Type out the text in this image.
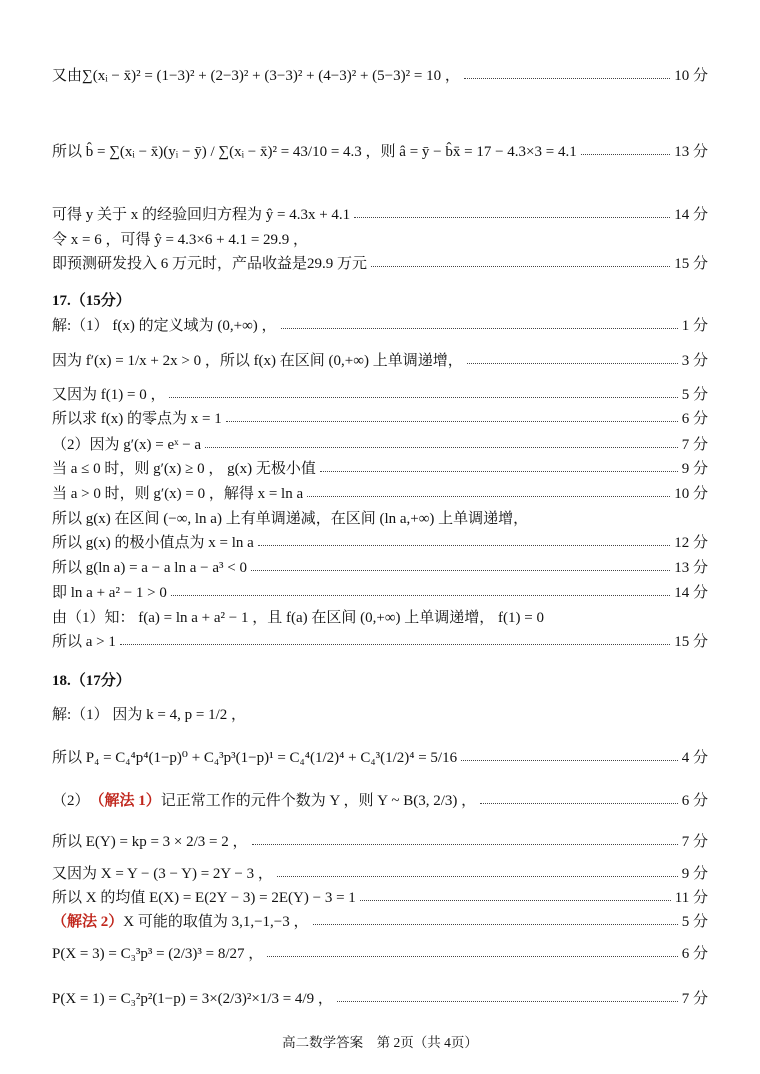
又由∑(xᵢ − x̄)² = (1−3)² + (2−3)² + (3−3)² + (4−3)² + (5−3)² = 10 ，	10 分
所以 b̂ = ∑(xᵢ − x̄)(yᵢ − ȳ) / ∑(xᵢ − x̄)² = 43/10 = 4.3 ，则 â = ȳ − b̂x̄ = 17 − 4.3×3 = 4.1	13 分
可得 y 关于 x 的经验回归方程为 ŷ = 4.3x + 4.1	14 分
令 x = 6 ，可得 ŷ = 4.3×6 + 4.1 = 29.9 ，
即预测研发投入 6 万元时，产品收益是29.9 万元	15 分
17.（15分）
解:（1） f(x) 的定义域为 (0,+∞) ，	1 分
因为 f′(x) = 1/x + 2x > 0 ，所以 f(x) 在区间 (0,+∞) 上单调递增，	3 分
又因为 f(1) = 0 ，	5 分
所以求 f(x) 的零点为 x = 1	6 分
（2）因为 g′(x) = eˣ − a	7 分
当 a ≤ 0 时，则 g′(x) ≥ 0 ， g(x) 无极小值	9 分
当 a > 0 时，则 g′(x) = 0 ，解得 x = ln a	10 分
所以 g(x) 在区间 (−∞, ln a) 上有单调递减，在区间 (ln a,+∞) 上单调递增，
所以 g(x) 的极小值点为 x = ln a	12 分
所以 g(ln a) = a − a ln a − a³ < 0	13 分
即 ln a + a² − 1 > 0	14 分
由（1）知： f(a) = ln a + a² − 1 ，且 f(a) 在区间 (0,+∞) 上单调递增， f(1) = 0
所以 a > 1	15 分
18.（17分）
解:（1） 因为 k = 4, p = 1/2 ，
所以 P₄ = C₄⁴p⁴(1−p)⁰ + C₄³p³(1−p)¹ = C₄⁴(1/2)⁴ + C₄³(1/2)⁴ = 5/16	4 分
（2） （解法 1） 记正常工作的元件个数为 Y ，则 Y ~ B(3, 2/3) ，	6 分
所以 E(Y) = kp = 3 × 2/3 = 2 ，	7 分
又因为 X = Y − (3 − Y) = 2Y − 3 ，	9 分
所以 X 的均值 E(X) = E(2Y − 3) = 2E(Y) − 3 = 1	11 分
（解法 2） X 可能的取值为 3,1,−1,−3 ，	5 分
P(X = 3) = C₃³p³ = (2/3)³ = 8/27 ，	6 分
P(X = 1) = C₃²p²(1−p) = 3×(2/3)²×1/3 = 4/9 ，	7 分
高二数学答案　第 2页（共 4页）
